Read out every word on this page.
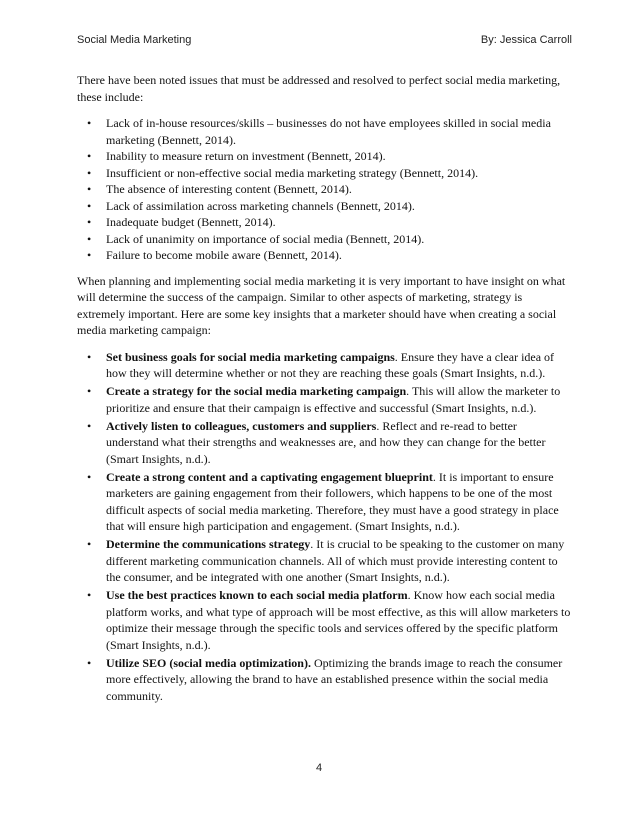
Social Media Marketing	By: Jessica Carroll

There have been noted issues that must be addressed and resolved to perfect social media marketing, these include:

• Lack of in-house resources/skills – businesses do not have employees skilled in social media marketing (Bennett, 2014).
• Inability to measure return on investment (Bennett, 2014).
• Insufficient or non-effective social media marketing strategy (Bennett, 2014).
• The absence of interesting content (Bennett, 2014).
• Lack of assimilation across marketing channels (Bennett, 2014).
• Inadequate budget (Bennett, 2014).
• Lack of unanimity on importance of social media (Bennett, 2014).
• Failure to become mobile aware (Bennett, 2014).

When planning and implementing social media marketing it is very important to have insight on what will determine the success of the campaign. Similar to other aspects of marketing, strategy is extremely important. Here are some key insights that a marketer should have when creating a social media marketing campaign:

• Set business goals for social media marketing campaigns. Ensure they have a clear idea of how they will determine whether or not they are reaching these goals (Smart Insights, n.d.).
• Create a strategy for the social media marketing campaign. This will allow the marketer to prioritize and ensure that their campaign is effective and successful (Smart Insights, n.d.).
• Actively listen to colleagues, customers and suppliers. Reflect and re-read to better understand what their strengths and weaknesses are, and how they can change for the better (Smart Insights, n.d.).
• Create a strong content and a captivating engagement blueprint. It is important to ensure marketers are gaining engagement from their followers, which happens to be one of the most difficult aspects of social media marketing. Therefore, they must have a good strategy in place that will ensure high participation and engagement. (Smart Insights, n.d.).
• Determine the communications strategy. It is crucial to be speaking to the customer on many different marketing communication channels. All of which must provide interesting content to the consumer, and be integrated with one another (Smart Insights, n.d.).
• Use the best practices known to each social media platform. Know how each social media platform works, and what type of approach will be most effective, as this will allow marketers to optimize their message through the specific tools and services offered by the specific platform (Smart Insights, n.d.).
• Utilize SEO (social media optimization). Optimizing the brands image to reach the consumer more effectively, allowing the brand to have an established presence within the social media community.
4
